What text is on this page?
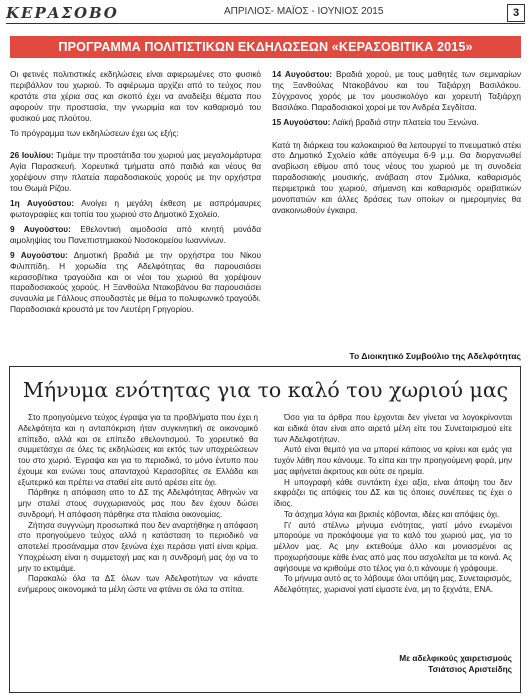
ΚΕΡΑΣΟΒΟ	ΑΠΡΙΛΙΟΣ- ΜΑΪΟΣ - ΙΟΥΝΙΟΣ 2015	3
ΠΡΟΓΡΑΜΜΑ ΠΟΛΙΤΙΣΤΙΚΩΝ ΕΚΔΗΛΩΣΕΩΝ «ΚΕΡΑΣΟΒΙΤΙΚΑ 2015»

Οι φετινές πολιτιστικές εκδηλώσεις είναι αφιερωμένες στο φυσικό περιβάλλον του χωριού. Το αφιέρωμα αρχίζει από το τεύχος που κρατάτε στα χέρια σας και σκοπό έχει να αναδείξει θέματα που αφορούν την προστασία, την γνωριμία και τον καθαρισμό του φυσικού μας πλούτου.

Το πρόγραμμα των εκδηλώσεων έχει ως εξής:

26 Ιουλίου: Τιμάμε την προστάτιδα του χωριού μας μεγαλομάρτυρα Αγία Παρασκευή. Χορευτικά τμήματα από παιδιά και νέους θα χορέψουν στην πλατεία παραδοσιακούς χορούς με την ορχήστρα του Θωμά Ρίζου.

1η Αυγούστου: Ανοίγει η μεγάλη έκθεση με ασπρόμαυρες φωτογραφίες και τοπία του χωριού στο Δημοτικό Σχολείο.

9 Αυγούστου: Εθελοντική αιμοδοσία από κινητή μονάδα αιμοληψίας του Πανεπιστημιακού Νοσοκομείου Ιωαννίνων.

9 Αυγούστου: Δημοτική βραδιά με την ορχήστρα του Νίκου Φιλιππίδη. Η χορωδία της Αδελφότητας θα παρουσιάσει κερασοβίτικα τραγούδια και οι νέοι του χωριού θα χορέψουν παραδοσιακούς χορούς. Η Ξανθούλα Ντακοβάνου θα παρουσιάσει συναυλία με Γάλλους σπουδαστές με θέμα το πολυφωνικό τραγούδι. Παραδοσιακά κρουστά με τον Λευτέρη Γρηγορίου.

14 Αυγούστου: Βραδιά χορού, με τους μαθητές των σεμιναρίων της Ξανθούλας Ντακοβάνου και του Ταξιάρχη Βασιλάκου. Σύγχρονος χορός με τον μουσικολόγο και χορευτή Ταξιάρχη Βασιλάκο. Παραδοσιακοί χοροί με τον Ανδρέα Σεγδίτσα.

15 Αυγούστου: Λαϊκή βραδιά στην πλατεία του Ξενώνα.

Κατά τη διάρκεια του καλοκαιριού θα λειτουργεί το πνευματικό στέκι στο Δημοτικό Σχολείο κάθε απόγευμα 6-9 μ.μ. Θα διοργανωθεί αναβίωση εθίμου από τους νέους του χωριού με τη συνοδεία παραδοσιακής μουσικής, ανάβαση στον Σμόλικα, καθαρισμός περιμετρικά του χωριού, σήμανση και καθαρισμός ορειβατικών μονοπατιών και άλλες δράσεις των οποίων οι ημερομηνίες θα ανακοινωθούν έγκαιρα.

Το Διοικητικό Συμβούλιο της Αδελφότητας
Μήνυμα ενότητας για το καλό του χωριού μας

Στο προηγούμενο τεύχος έγραψα για τα προβλήματα που έχει η Αδελφότητα και η ανταπόκριση ήταν συγκινητική σε οικονομικό επίπεδο, αλλά και σε επίπεδο εθελοντισμού. Το χορευτικό θα συμμετάσχει σε όλες τις εκδηλώσεις και εκτός των υποχρεώσεων του στο χωριό. Έγραψα και για το περιοδικό, το μόνο έντυπο που έχουμε και ενώνει τους απανταχού Κερασοβίτες σε Ελλάδα και εξωτερικό και πρέπει να σταθεί είτε αυτό αρέσει είτε όχι.

Πάρθηκε η απόφαση απο το ΔΣ της Αδελφότητας Αθηνών να μην σταλεί στους συγχωριανούς μας που δεν έχουν δώσει συνδρομή. Η απόφαση πάρθηκε στα πλαίσια οικονομίας.

Ζήτησα συγγνώμη προσωπικά που δεν αναρτήθηκε η απόφαση στο προηγούμενο τεύχος αλλά η κατάσταση το περιοδικό να αποτελεί προσάναμμα στον ξενώνα έχει περάσει γιατί είναι κρίμα. Υποχρέωση είναι η συμμετοχή μας και η συνδρομή μας όχι να το μην το εκτιμάμε.

Παρακαλώ όλα τα ΔΣ όλων των Αδελφοτήτων να κάνατε ενήμερους οικονομικά τα μέλη ώστε να φτάνει σε όλα τα σπίτια.

Όσο για τα άρθρα που έρχονται δεν γίνεται να λογοκρίνονται και ειδικά όταν είναι απο αιρετά μέλη είτε του Συνεταιρισμού είτε των Αδελφοτήτων.

Αυτό είναι θεμιτό για να μπορεί κάποιος να κρίνει και εμάς για τυχόν λάθη που κάνουμε. Το είπα και την προηγούμενη φορά, μην μας αφήνεται άκριτους και ούτε σε ηρεμία.

Η υπογραφή κάθε συντάκτη έχει αξία, είναι άποψη του δεν εκφράζει τις απόψεις του ΔΣ και τις όποιες συνέπειες τις έχει ο ίδιος.

Τα άσχημα λόγια και βρισιές κόβονται, ιδέες και απόψεις όχι.

Γι' αυτό στέλνω μήνυμα ενότητας, γιατί μόνο ενωμένοι μπορούμε να προκόψουμε για το καλό του χωριού μας, για το μέλλον μας. Ας μην εκτεθούμε άλλο και μονιασμένοι ας προχωρήσουμε κάθε ένας από μας που ασχολείται με τα κοινά. Ας αφήσουμε να κριθούμε στο τέλος για ό,τι κάνουμε ή γράφουμε.

Το μήνυμα αυτό ας το λάβουμε όλοι υπόψη μας, Συνεταιρισμός, Αδελφότητες, χωριανοί γιατί είμαστε ένα, μη το ξεχνάτε, ΕΝΑ.

Με αδελφικούς χαιρετισμούς
Τσιάτσιος Αριστείδης
